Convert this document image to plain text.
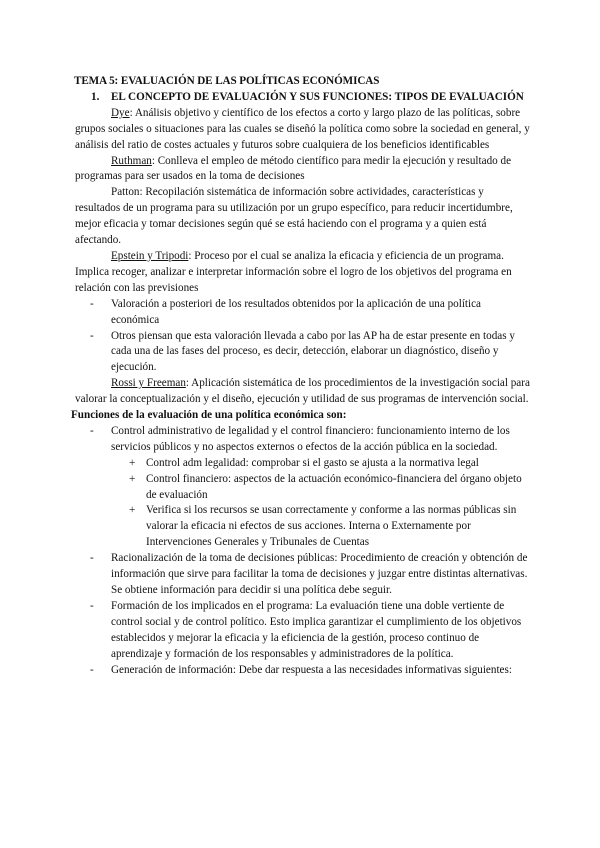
TEMA 5: EVALUACIÓN DE LAS POLÍTICAS ECONÓMICAS

1. EL CONCEPTO DE EVALUACIÓN Y SUS FUNCIONES: TIPOS DE EVALUACIÓN

Dye: Análisis objetivo y científico de los efectos a corto y largo plazo de las políticas, sobre grupos sociales o situaciones para las cuales se diseñó la política como sobre la sociedad en general, y análisis del ratio de costes actuales y futuros sobre cualquiera de los beneficios identificables

Ruthman: Conlleva el empleo de método científico para medir la ejecución y resultado de programas para ser usados en la toma de decisiones

Patton: Recopilación sistemática de información sobre actividades, características y resultados de un programa para su utilización por un grupo específico, para reducir incertidumbre, mejor eficacia y tomar decisiones según qué se está haciendo con el programa y a quien está afectando.

Epstein y Tripodi: Proceso por el cual se analiza la eficacia y eficiencia de un programa. Implica recoger, analizar e interpretar información sobre el logro de los objetivos del programa en relación con las previsiones

- Valoración a posteriori de los resultados obtenidos por la aplicación de una política económica

- Otros piensan que esta valoración llevada a cabo por las AP ha de estar presente en todas y cada una de las fases del proceso, es decir, detección, elaborar un diagnóstico, diseño y ejecución.

Rossi y Freeman: Aplicación sistemática de los procedimientos de la investigación social para valorar la conceptualización y el diseño, ejecución y utilidad de sus programas de intervención social.

Funciones de la evaluación de una política económica son:

- Control administrativo de legalidad y el control financiero: funcionamiento interno de los servicios públicos y no aspectos externos o efectos de la acción pública en la sociedad.

+ Control adm legalidad: comprobar si el gasto se ajusta a la normativa legal

+ Control financiero: aspectos de la actuación económico-financiera del órgano objeto de evaluación

+ Verifica si los recursos se usan correctamente y conforme a las normas públicas sin valorar la eficacia ni efectos de sus acciones. Interna o Externamente por Intervenciones Generales y Tribunales de Cuentas

- Racionalización de la toma de decisiones públicas: Procedimiento de creación y obtención de información que sirve para facilitar la toma de decisiones y juzgar entre distintas alternativas. Se obtiene información para decidir si una política debe seguir.

- Formación de los implicados en el programa: La evaluación tiene una doble vertiente de control social y de control político. Esto implica garantizar el cumplimiento de los objetivos establecidos y mejorar la eficacia y la eficiencia de la gestión, proceso continuo de aprendizaje y formación de los responsables y administradores de la política.

- Generación de información: Debe dar respuesta a las necesidades informativas siguientes:
